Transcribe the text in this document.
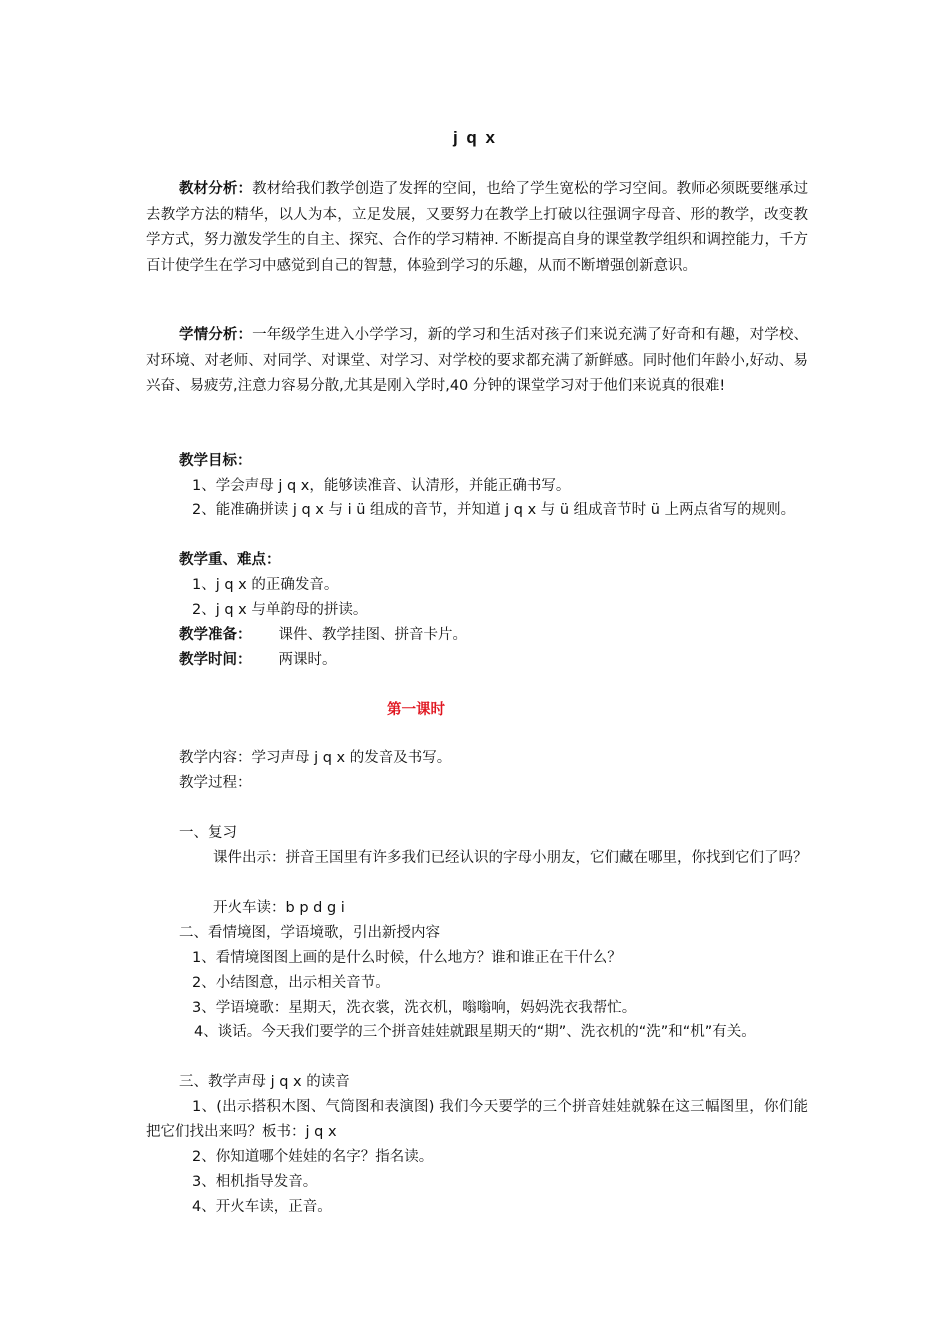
j q x

教材分析：教材给我们教学创造了发挥的空间，也给了学生宽松的学习空间。教师必须既要继承过去教学方法的精华，以人为本，立足发展，又要努力在教学上打破以往强调字母音、形的教学，改变教学方式，努力激发学生的自主、探究、合作的学习精神. 不断提高自身的课堂教学组织和调控能力，千方百计使学生在学习中感觉到自己的智慧，体验到学习的乐趣，从而不断增强创新意识。

学情分析：一年级学生进入小学学习，新的学习和生活对孩子们来说充满了好奇和有趣，对学校、对环境、对老师、对同学、对课堂、对学习、对学校的要求都充满了新鲜感。同时他们年龄小,好动、易兴奋、易疲劳,注意力容易分散,尤其是刚入学时,40 分钟的课堂学习对于他们来说真的很难!

教学目标：

1、学会声母 j q x，能够读准音、认清形，并能正确书写。

2、能准确拼读 j q x 与 i ü 组成的音节，并知道 j q x 与 ü 组成音节时 ü 上两点省写的规则。

教学重、难点：

1、j q x 的正确发音。

2、j q x 与单韵母的拼读。

教学准备： 课件、教学挂图、拼音卡片。

教学时间： 两课时。

第一课时

教学内容：学习声母 j q x 的发音及书写。

教学过程：

一、复习

课件出示：拼音王国里有许多我们已经认识的字母小朋友，它们藏在哪里，你找到它们了吗？

开火车读：b p d g i

二、看情境图，学语境歌，引出新授内容

1、看情境图图上画的是什么时候，什么地方？谁和谁正在干什么？

2、小结图意，出示相关音节。

3、学语境歌：星期天，洗衣裳，洗衣机，嗡嗡响，妈妈洗衣我帮忙。

4、谈话。今天我们要学的三个拼音娃娃就跟星期天的“期”、洗衣机的“洗”和“机”有关。

三、教学声母 j q x 的读音

1、(出示搭积木图、气筒图和表演图) 我们今天要学的三个拼音娃娃就躲在这三幅图里，你们能把它们找出来吗？板书：j q x

2、你知道哪个娃娃的名字？指名读。

3、相机指导发音。

4、开火车读，正音。
